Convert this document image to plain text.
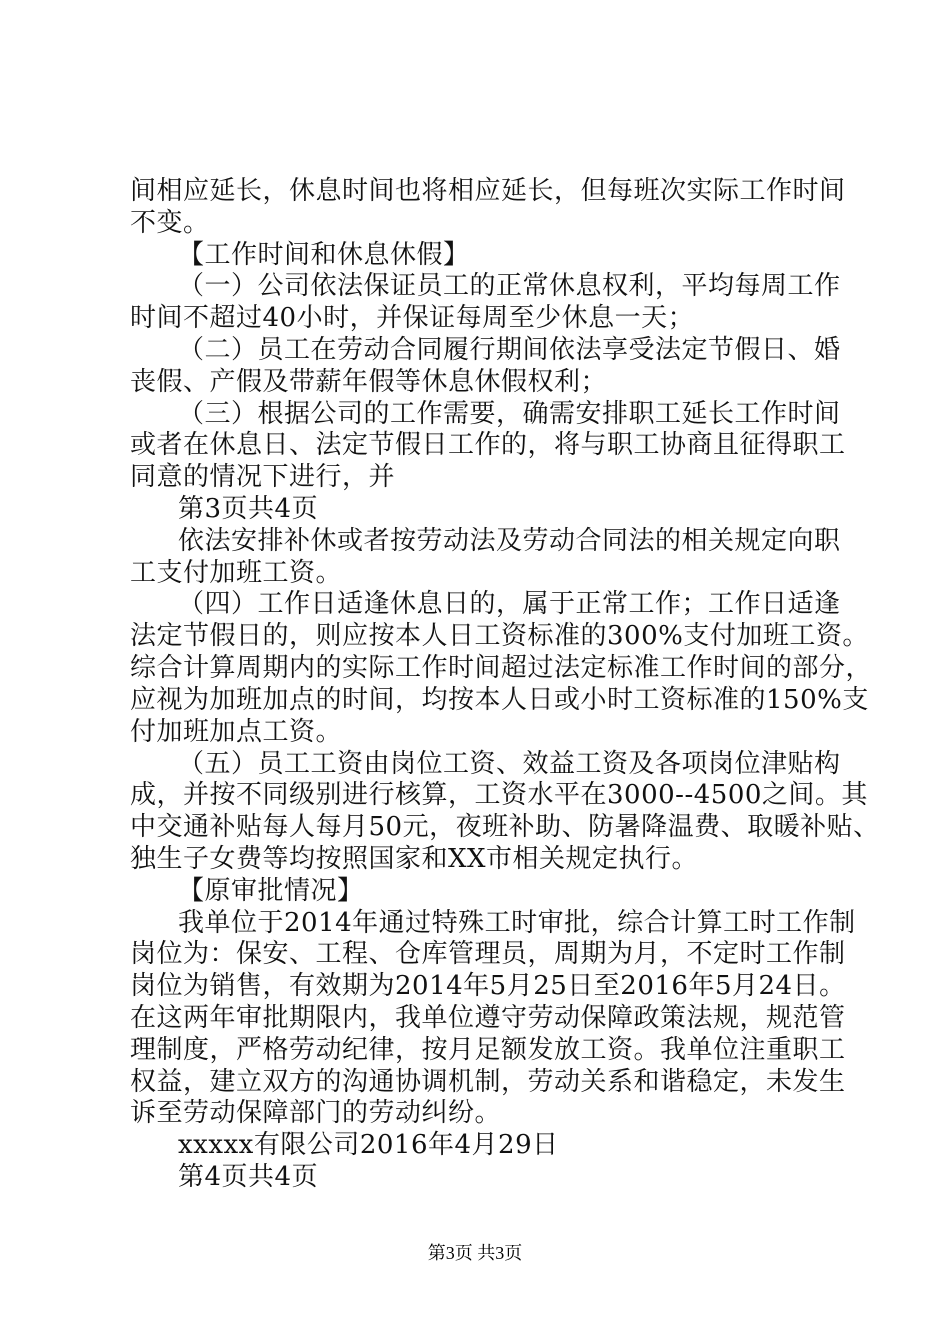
间相应延长，休息时间也将相应延长，但每班次实际工作时间
不变。
【工作时间和休息休假】
（一）公司依法保证员工的正常休息权利，平均每周工作
时间不超过40小时，并保证每周至少休息一天；
（二）员工在劳动合同履行期间依法享受法定节假日、婚
丧假、产假及带薪年假等休息休假权利；
（三）根据公司的工作需要，确需安排职工延长工作时间
或者在休息日、法定节假日工作的，将与职工协商且征得职工
同意的情况下进行，并
第3页共4页
依法安排补休或者按劳动法及劳动合同法的相关规定向职
工支付加班工资。
（四）工作日适逢休息日的，属于正常工作；工作日适逢
法定节假日的，则应按本人日工资标准的300%支付加班工资。
综合计算周期内的实际工作时间超过法定标准工作时间的部分，
应视为加班加点的时间，均按本人日或小时工资标准的150%支
付加班加点工资。
（五）员工工资由岗位工资、效益工资及各项岗位津贴构
成，并按不同级别进行核算，工资水平在3000--4500之间。其
中交通补贴每人每月50元，夜班补助、防暑降温费、取暖补贴、
独生子女费等均按照国家和XX市相关规定执行。
【原审批情况】
我单位于2014年通过特殊工时审批，综合计算工时工作制
岗位为：保安、工程、仓库管理员，周期为月，不定时工作制
岗位为销售，有效期为2014年5月25日至2016年5月24日。
在这两年审批期限内，我单位遵守劳动保障政策法规，规范管
理制度，严格劳动纪律，按月足额发放工资。我单位注重职工
权益，建立双方的沟通协调机制，劳动关系和谐稳定，未发生
诉至劳动保障部门的劳动纠纷。
xxxxx有限公司2016年4月29日
第4页共4页
第3页 共3页
